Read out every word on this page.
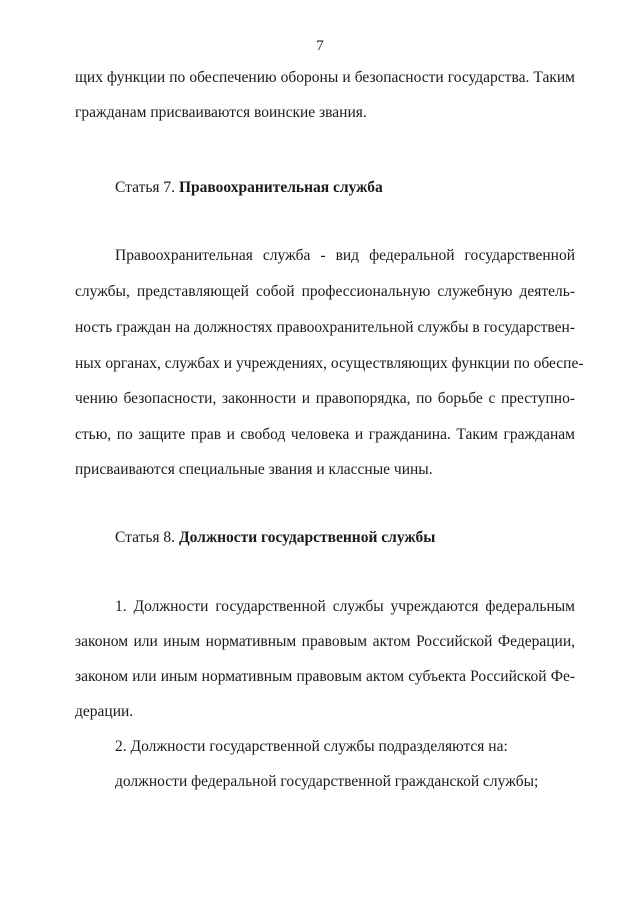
7
щих функции по обеспечению обороны и безопасности государства. Таким
гражданам присваиваются воинские звания.
Статья 7. Правоохранительная служба
Правоохранительная служба - вид федеральной государственной
службы, представляющей собой профессиональную служебную деятель-
ность граждан на должностях правоохранительной службы в государствен-
ных органах, службах и учреждениях, осуществляющих функции по обеспе-
чению безопасности, законности и правопорядка, по борьбе с преступно-
стью, по защите прав и свобод человека и гражданина. Таким гражданам
присваиваются специальные звания и классные чины.
Статья 8. Должности государственной службы
1. Должности государственной службы учреждаются федеральным
законом или иным нормативным правовым актом Российской Федерации,
законом или иным нормативным правовым актом субъекта Российской Фе-
дерации.
2. Должности государственной службы подразделяются на:
должности федеральной государственной гражданской службы;
